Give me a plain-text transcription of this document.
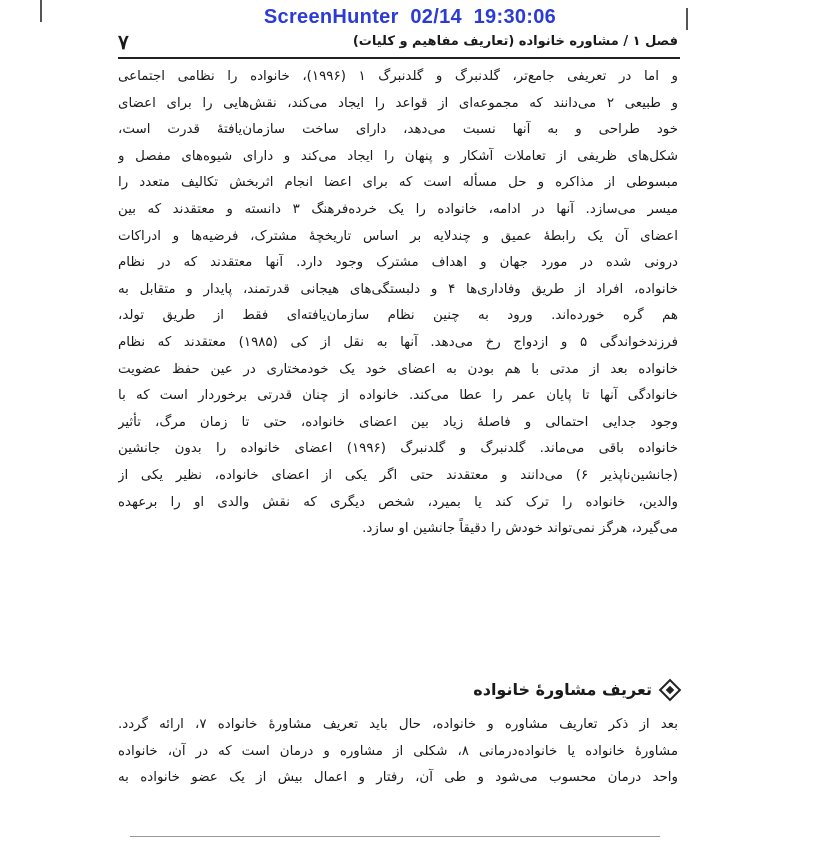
ScreenHunter  02/14  19:30:06
فصل ۱ / مشاوره خانواده (تعاریف مفاهیم و کلیات)
۷
و اما در تعریفی جامع‌تر، گلدنبرگ و گلدنبرگ ۱ (۱۹۹۶)، خانواده را نظامی اجتماعی
و طبیعی ۲ می‌دانند که مجموعه‌ای از قواعد را ایجاد می‌کند، نقش‌هایی را برای اعضای
خود طراحی و به آنها نسبت می‌دهد، دارای ساخت سازمان‌یافتهٔ قدرت است،
شکل‌های ظریفی از تعاملات آشکار و پنهان را ایجاد می‌کند و دارای شیوه‌های مفصل و
مبسوطی از مذاکره و حل مسأله است که برای اعضا انجام اثربخش تکالیف متعدد را
میسر می‌سازد. آنها در ادامه، خانواده را یک خرده‌فرهنگ ۳ دانسته و معتقدند که بین
اعضای آن یک رابطهٔ عمیق و چندلایه بر اساس تاریخچهٔ مشترک، فرضیه‌ها و ادراکات
درونی شده در مورد جهان و اهداف مشترک وجود دارد. آنها معتقدند که در نظام
خانواده، افراد از طریق وفاداری‌ها ۴ و دلبستگی‌های هیجانی قدرتمند، پایدار و متقابل به
هم گره خورده‌اند. ورود به چنین نظام سازمان‌یافته‌ای فقط از طریق تولد،
فرزندخواندگی ۵ و ازدواج رخ می‌دهد. آنها به نقل از کی (۱۹۸۵) معتقدند که نظام
خانواده بعد از مدتی با هم بودن به اعضای خود یک خودمختاری در عین حفظ عضویت
خانوادگی آنها تا پایان عمر را عطا می‌کند. خانواده از چنان قدرتی برخوردار است که با
وجود جدایی احتمالی و فاصلهٔ زیاد بین اعضای خانواده، حتی تا زمان مرگ، تأثیر
خانواده باقی می‌ماند. گلدنبرگ و گلدنبرگ (۱۹۹۶) اعضای خانواده را بدون جانشین
(جانشین‌ناپذیر ۶) می‌دانند و معتقدند حتی اگر یکی از اعضای خانواده، نظیر یکی از
والدین، خانواده را ترک کند یا بمیرد، شخص دیگری که نقش والدی او را برعهده
می‌گیرد، هرگز نمی‌تواند خودش را دقیقاً جانشین او سازد.
تعریف مشاورهٔ خانواده
بعد از ذکر تعاریف مشاوره و خانواده، حال باید تعریف مشاورهٔ خانواده ۷، ارائه گردد.
مشاورهٔ خانواده یا خانواده‌درمانی ۸، شکلی از مشاوره و درمان است که در آن، خانواده
واحد درمان محسوب می‌شود و طی آن، رفتار و اعمال بیش از یک عضو خانواده به
